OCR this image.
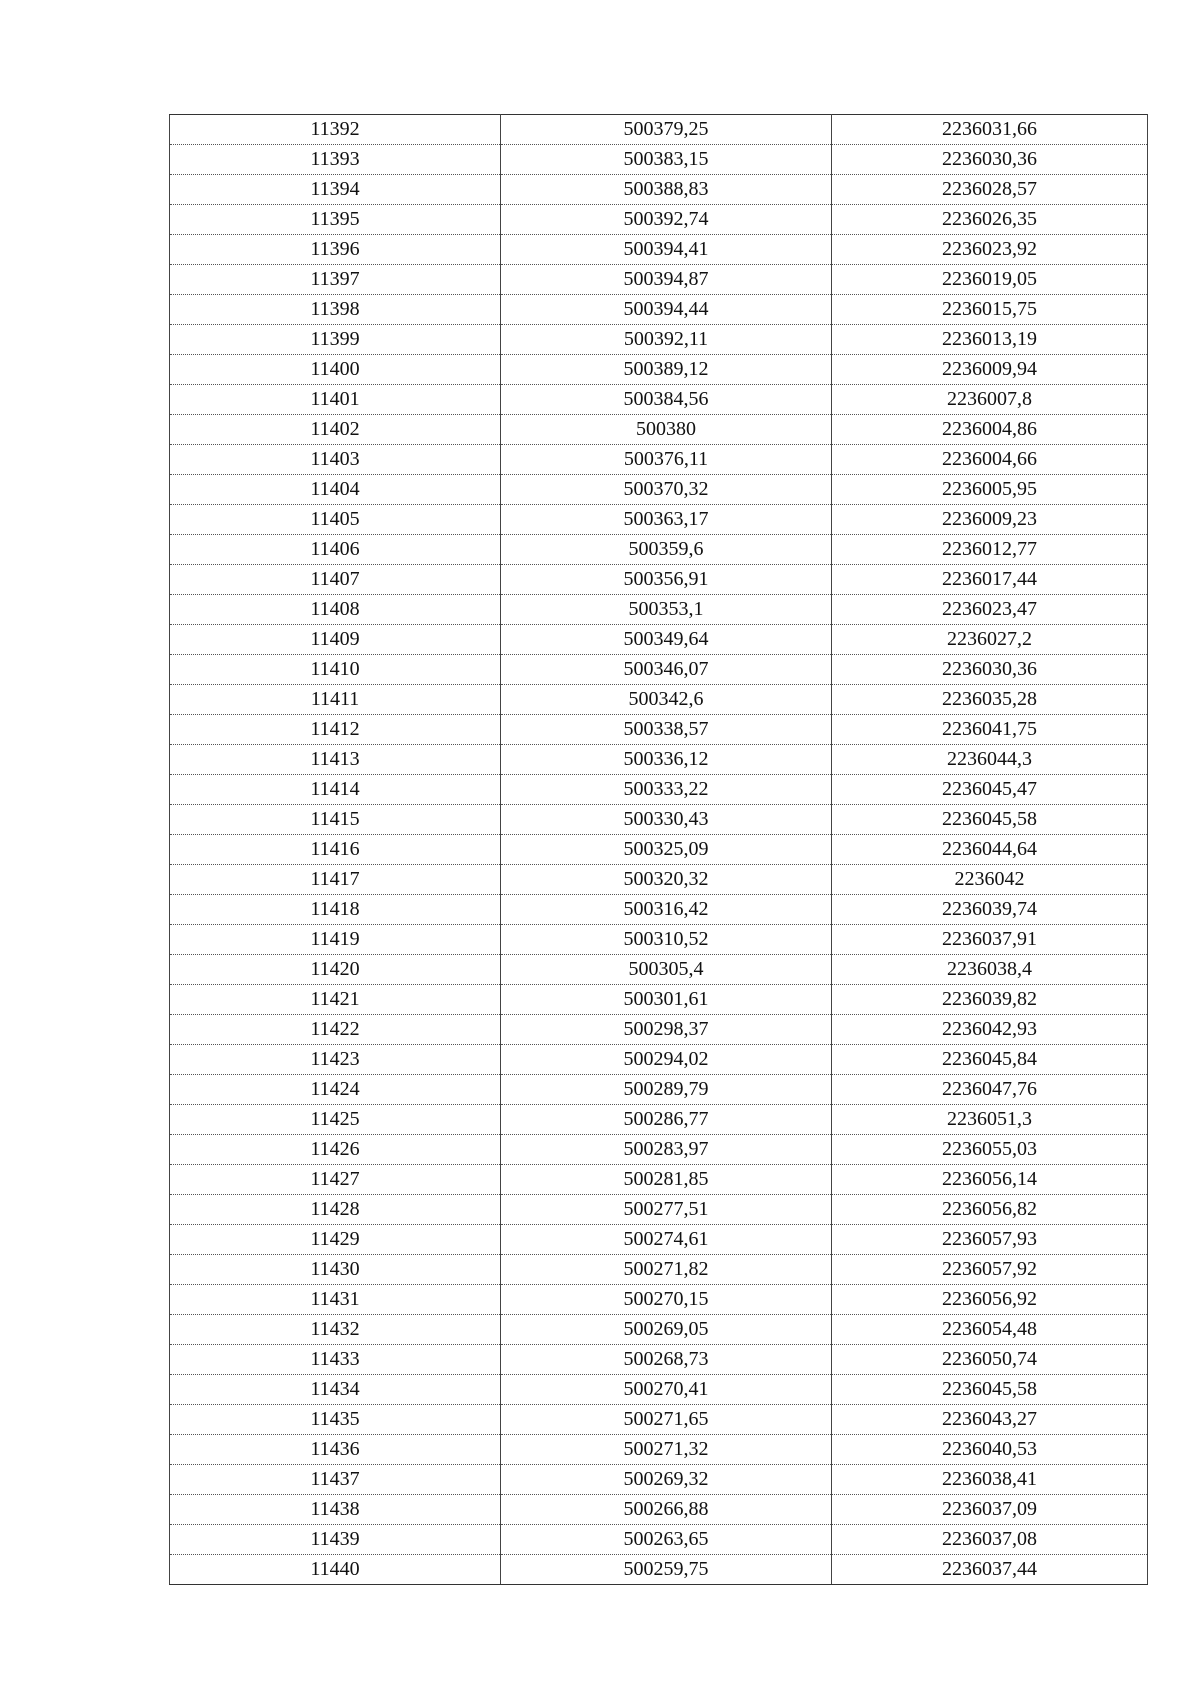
11392	500379,25	2236031,66
11393	500383,15	2236030,36
11394	500388,83	2236028,57
11395	500392,74	2236026,35
11396	500394,41	2236023,92
11397	500394,87	2236019,05
11398	500394,44	2236015,75
11399	500392,11	2236013,19
11400	500389,12	2236009,94
11401	500384,56	2236007,8
11402	500380	2236004,86
11403	500376,11	2236004,66
11404	500370,32	2236005,95
11405	500363,17	2236009,23
11406	500359,6	2236012,77
11407	500356,91	2236017,44
11408	500353,1	2236023,47
11409	500349,64	2236027,2
11410	500346,07	2236030,36
11411	500342,6	2236035,28
11412	500338,57	2236041,75
11413	500336,12	2236044,3
11414	500333,22	2236045,47
11415	500330,43	2236045,58
11416	500325,09	2236044,64
11417	500320,32	2236042
11418	500316,42	2236039,74
11419	500310,52	2236037,91
11420	500305,4	2236038,4
11421	500301,61	2236039,82
11422	500298,37	2236042,93
11423	500294,02	2236045,84
11424	500289,79	2236047,76
11425	500286,77	2236051,3
11426	500283,97	2236055,03
11427	500281,85	2236056,14
11428	500277,51	2236056,82
11429	500274,61	2236057,93
11430	500271,82	2236057,92
11431	500270,15	2236056,92
11432	500269,05	2236054,48
11433	500268,73	2236050,74
11434	500270,41	2236045,58
11435	500271,65	2236043,27
11436	500271,32	2236040,53
11437	500269,32	2236038,41
11438	500266,88	2236037,09
11439	500263,65	2236037,08
11440	500259,75	2236037,44
